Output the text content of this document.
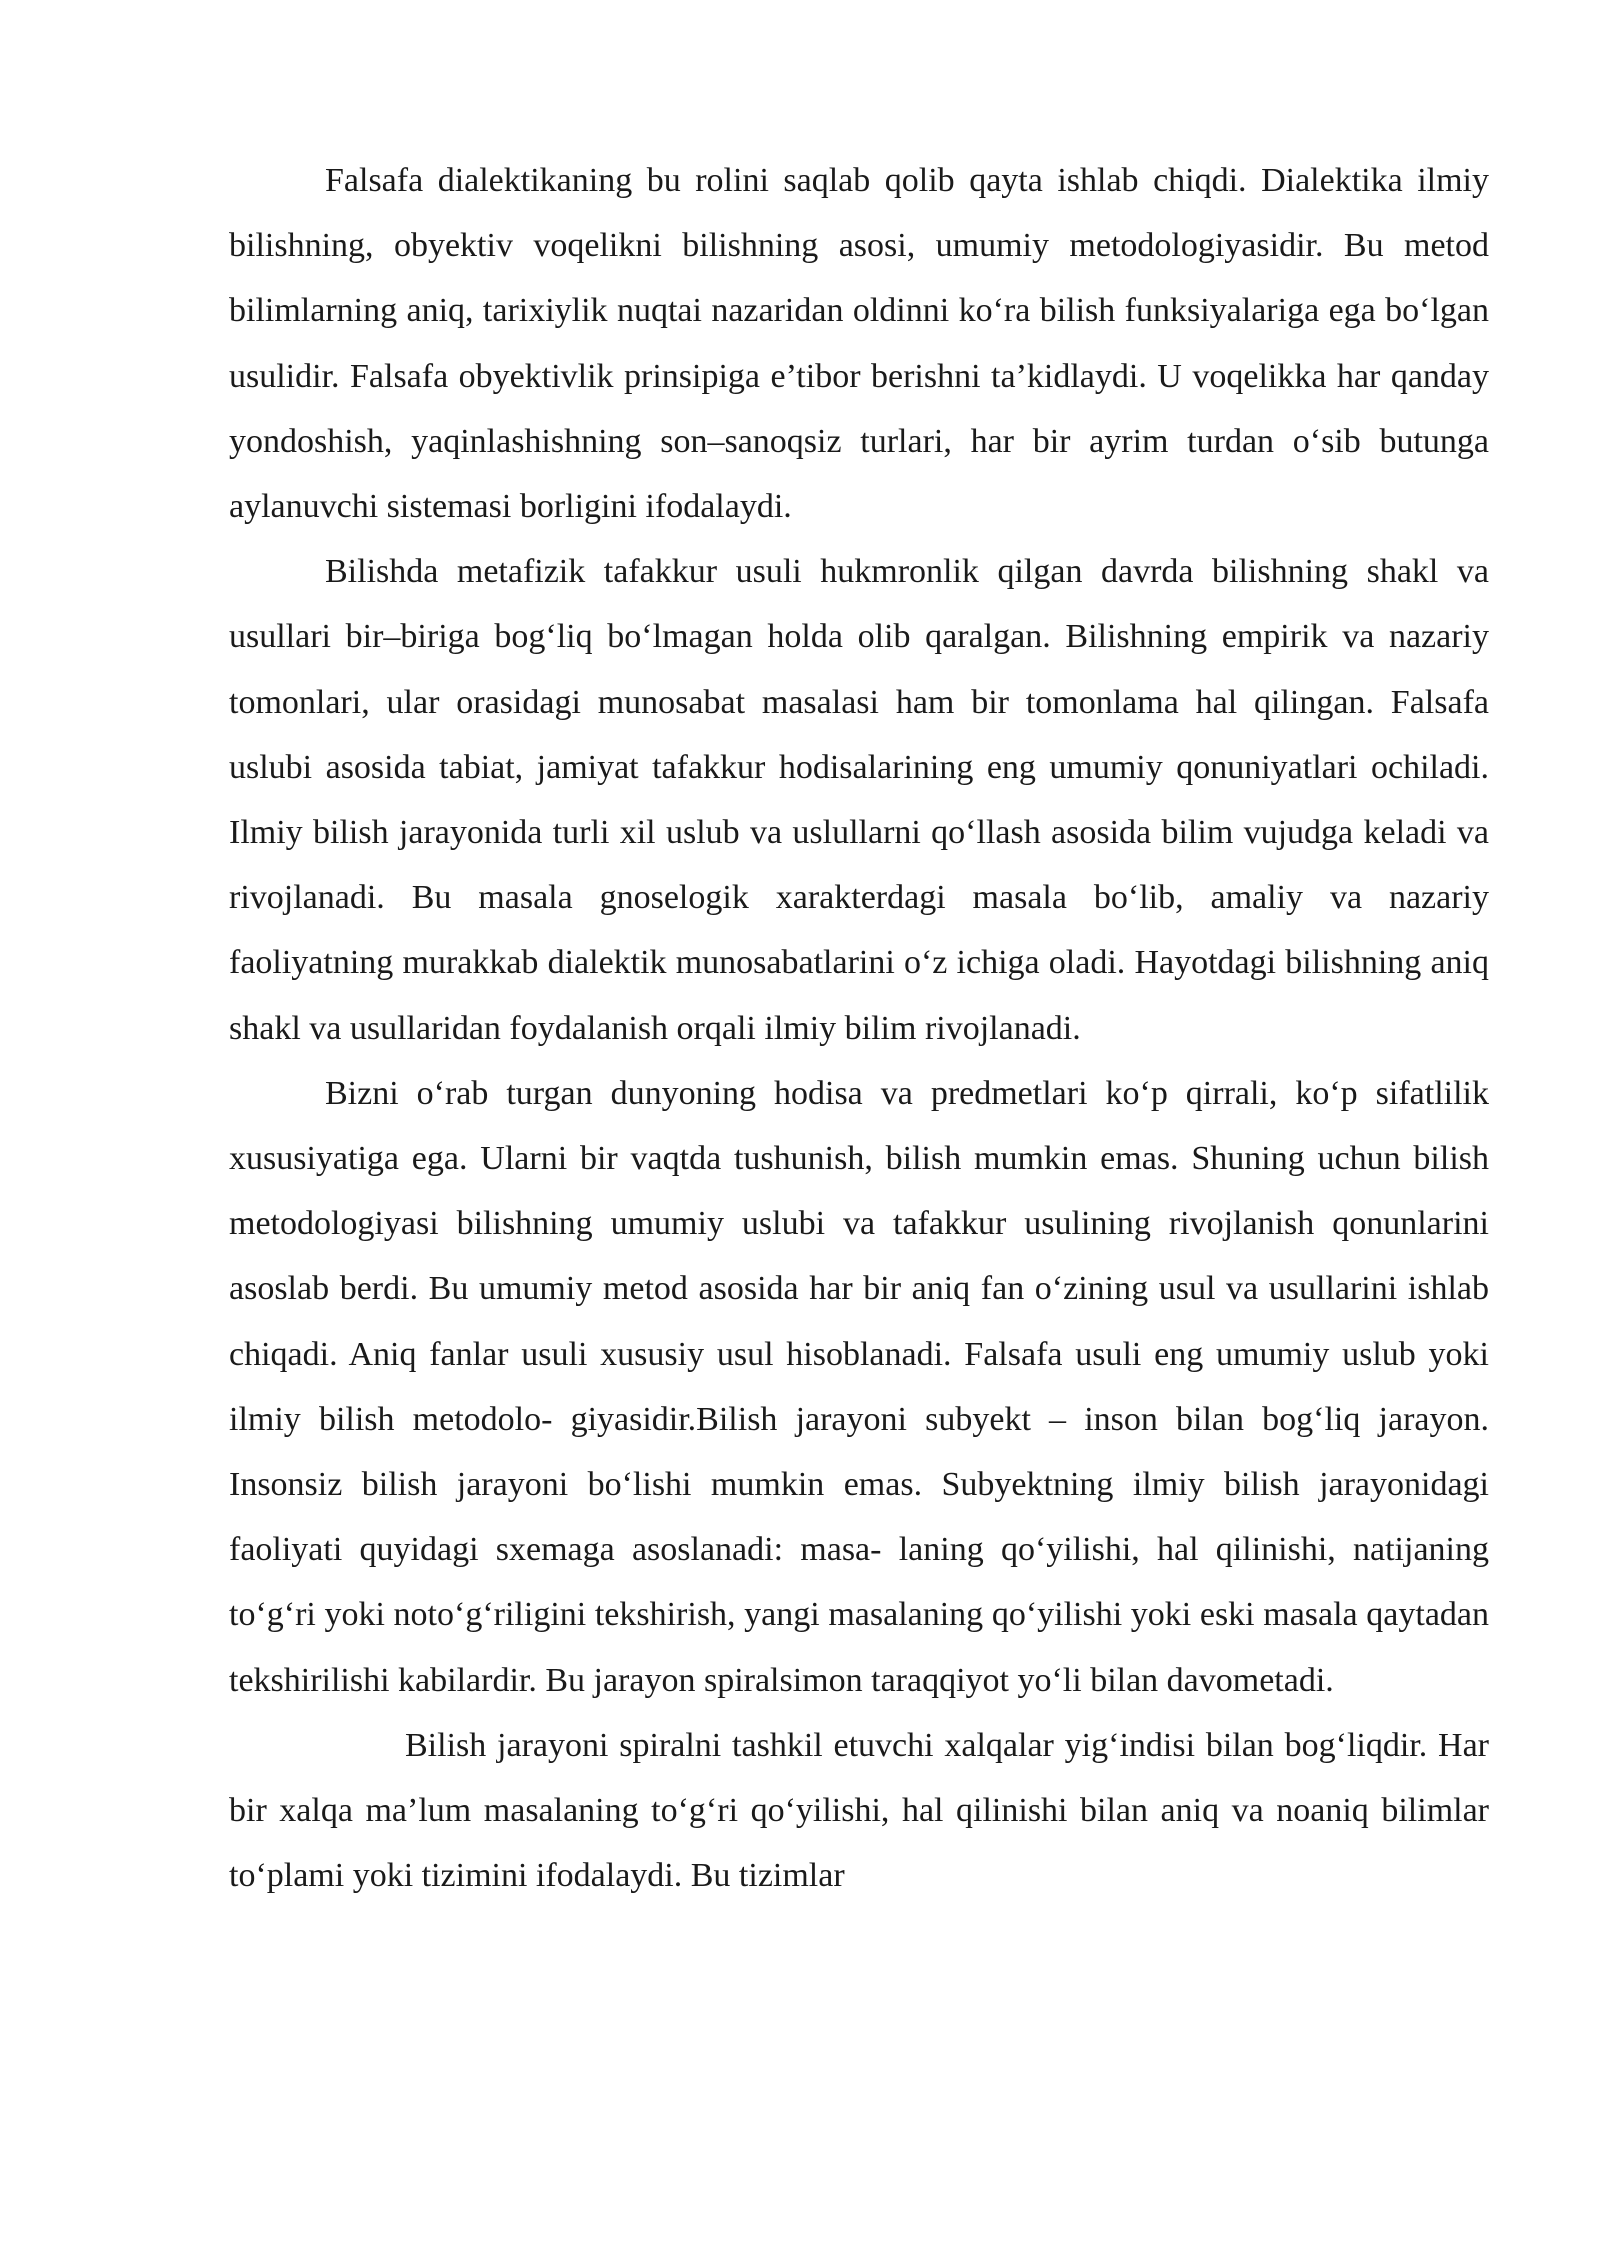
Falsafa dialektikaning bu rolini saqlab qolib qayta ishlab chiqdi. Dialektika ilmiy bilishning, obyektiv voqelikni bilishning asosi, umumiy metodologiyasidir. Bu metod bilimlarning aniq, tarixiylik nuqtai nazaridan oldinni ko‘ra bilish funksiyalariga ega bo‘lgan usulidir. Falsafa obyektivlik prinsipiga e’tibor berishni ta’kidlaydi. U voqelikka har qanday yondoshish, yaqinlashishning son–sanoqsiz turlari, har bir ayrim turdan o‘sib butunga aylanuvchi sistemasi borligini ifodalaydi.

Bilishda metafizik tafakkur usuli hukmronlik qilgan davrda bilishning shakl va usullari bir–biriga bog‘liq bo‘lmagan holda olib qaralgan. Bilishning empirik va nazariy tomonlari, ular orasidagi munosabat masalasi ham bir tomonlama hal qilingan. Falsafa uslubi asosida tabiat, jamiyat tafakkur hodisalarining eng umumiy qonuniyatlari ochiladi. Ilmiy bilish jarayonida turli xil uslub va uslullarni qo‘llash asosida bilim vujudga keladi va rivojlanadi. Bu masala gnoselogik xarakterdagi masala bo‘lib, amaliy va nazariy faoliyatning murakkab dialektik munosabatlarini o‘z ichiga oladi. Hayotdagi bilishning aniq shakl va usullaridan foydalanish orqali ilmiy bilim rivojlanadi.

Bizni o‘rab turgan dunyoning hodisa va predmetlari ko‘p qirrali, ko‘p sifatlilik xususiyatiga ega. Ularni bir vaqtda tushunish, bilish mumkin emas. Shuning uchun bilish metodologiyasi bilishning umumiy uslubi va tafakkur usulining rivojlanish qonunlarini asoslab berdi. Bu umumiy metod asosida har bir aniq fan o‘zining usul va usullarini ishlab chiqadi. Aniq fanlar usuli xususiy usul hisoblanadi. Falsafa usuli eng umumiy uslub yoki ilmiy bilish metodolo- giyasidir.Bilish jarayoni subyekt – inson bilan bog‘liq jarayon. Insonsiz bilish jarayoni bo‘lishi mumkin emas. Subyektning ilmiy bilish jarayonidagi faoliyati quyidagi sxemaga asoslanadi: masa- laning qo‘yilishi, hal qilinishi, natijaning to‘g‘ri yoki noto‘g‘riligini tekshirish, yangi masalaning qo‘yilishi yoki eski masala qaytadan tekshirilishi kabilardir. Bu jarayon spiralsimon taraqqiyot yo‘li bilan davometadi.

Bilish jarayoni spiralni tashkil etuvchi xalqalar yig‘indisi bilan bog‘liqdir. Har bir xalqa ma’lum masalaning to‘g‘ri qo‘yilishi, hal qilinishi bilan aniq va noaniq bilimlar to‘plami yoki tizimini ifodalaydi. Bu tizimlar
